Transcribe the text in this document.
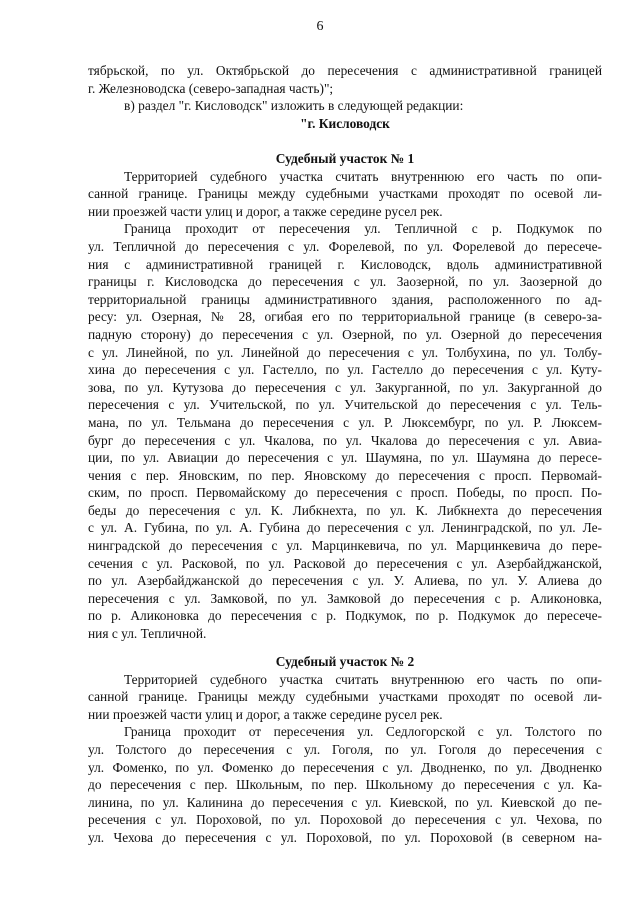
6
тябрьской, по ул. Октябрьской до пересечения с административной границей
г. Железноводска (северо-западная часть)";
в) раздел "г. Кисловодск" изложить в следующей редакции:
"г. Кисловодск
Судебный участок № 1
Территорией судебного участка считать внутреннюю его часть по опи-
санной границе. Границы между судебными участками проходят по осевой ли-
нии проезжей части улиц и дорог, а также середине русел рек.
Граница проходит от пересечения ул. Тепличной с р. Подкумок по
ул. Тепличной до пересечения с ул. Форелевой, по ул. Форелевой до пересече-
ния с административной границей г. Кисловодск, вдоль административной
границы г. Кисловодска до пересечения с ул. Заозерной, по ул. Заозерной до
территориальной границы административного здания, расположенного по ад-
ресу: ул. Озерная, № 28, огибая его по территориальной границе (в северо-за-
падную сторону) до пересечения с ул. Озерной, по ул. Озерной до пересечения
с ул. Линейной, по ул. Линейной до пересечения с ул. Толбухина, по ул. Толбу-
хина до пересечения с ул. Гастелло, по ул. Гастелло до пересечения с ул. Куту-
зова, по ул. Кутузова до пересечения с ул. Закурганной, по ул. Закурганной до
пересечения с ул. Учительской, по ул. Учительской до пересечения с ул. Тель-
мана, по ул. Тельмана до пересечения с ул. Р. Люксембург, по ул. Р. Люксем-
бург до пересечения с ул. Чкалова, по ул. Чкалова до пересечения с ул. Авиа-
ции, по ул. Авиации до пересечения с ул. Шаумяна, по ул. Шаумяна до пересе-
чения с пер. Яновским, по пер. Яновскому до пересечения с просп. Первомай-
ским, по просп. Первомайскому до пересечения с просп. Победы, по просп. По-
беды до пересечения с ул. К. Либкнехта, по ул. К. Либкнехта до пересечения
с ул. А. Губина, по ул. А. Губина до пересечения с ул. Ленинградской, по ул. Ле-
нинградской до пересечения с ул. Марцинкевича, по ул. Марцинкевича до пере-
сечения с ул. Расковой, по ул. Расковой до пересечения с ул. Азербайджанской,
по ул. Азербайджанской до пересечения с ул. У. Алиева, по ул. У. Алиева до
пересечения с ул. Замковой, по ул. Замковой до пересечения с р. Аликоновка,
по р. Аликоновка до пересечения с р. Подкумок, по р. Подкумок до пересече-
ния с ул. Тепличной.
Судебный участок № 2
Территорией судебного участка считать внутреннюю его часть по опи-
санной границе. Границы между судебными участками проходят по осевой ли-
нии проезжей части улиц и дорог, а также середине русел рек.
Граница проходит от пересечения ул. Седлогорской с ул. Толстого по
ул. Толстого до пересечения с ул. Гоголя, по ул. Гоголя до пересечения с
ул. Фоменко, по ул. Фоменко до пересечения с ул. Дводненко, по ул. Дводненко
до пересечения с пер. Школьным, по пер. Школьному до пересечения с ул. Ка-
линина, по ул. Калинина до пересечения с ул. Киевской, по ул. Киевской до пе-
ресечения с ул. Пороховой, по ул. Пороховой до пересечения с ул. Чехова, по
ул. Чехова до пересечения с ул. Пороховой, по ул. Пороховой (в северном на-
